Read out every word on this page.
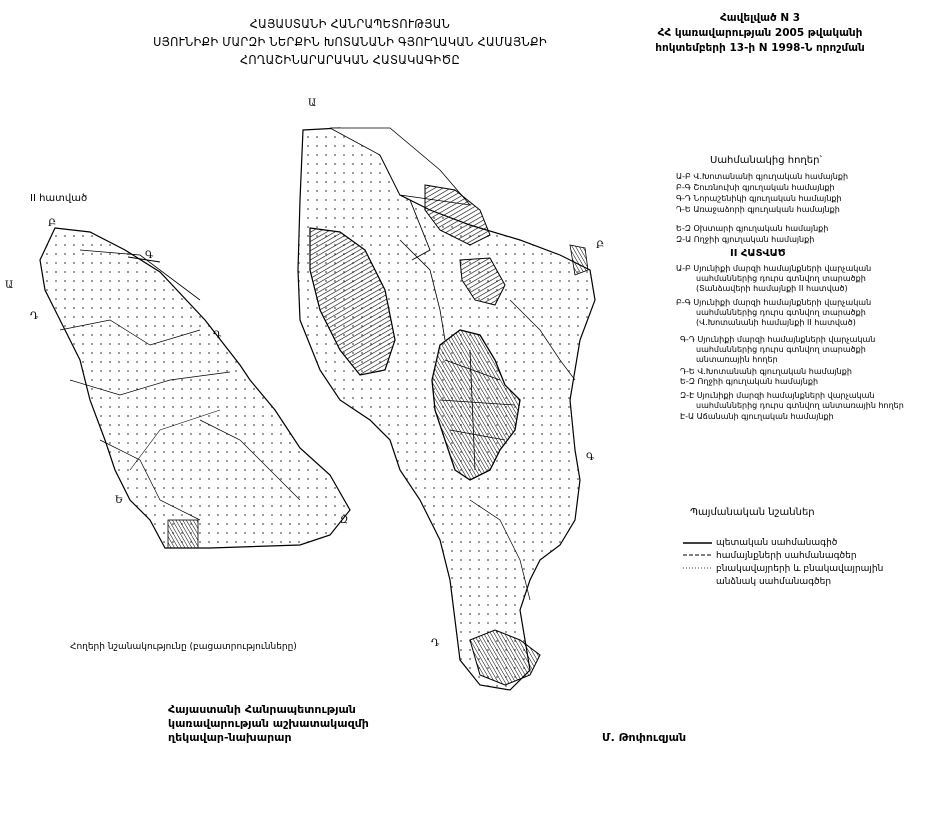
ՀԱՅԱՍՏԱՆԻ ՀԱՆՐԱՊԵՏՈՒԹՅԱՆ
ՍՅՈՒՆԻՔԻ ՄԱՐԶԻ ՆԵՐՔԻՆ ԽՈՏԱՆԱՆԻ ԳՅՈՒՂԱԿԱՆ ՀԱՄԱՅՆՔԻ
ՀՈՂԱՇԻՆԱՐԱՐԱԿԱՆ ՀԱՏԱԿԱԳԻԾԸ
Հավելված N 3
ՀՀ կառավարության 2005 թվականի
հոկտեմբերի 13-ի N 1998-Ն որոշման
II հատված
Բ
Գ
Ա
Դ
Դ
Ե
Զ
Ա
Բ
Գ
Դ
Սահմանակից հողեր՝
Ա-Բ Վ.Խոտանանի գյուղական համայնքի
Բ-Գ Շուռնուխի գյուղական համայնքի
Գ-Դ Նորաշենիկի գյուղական համայնքի
Դ-Ե Առաջաձորի գյուղական համայնքի
Ե-Զ Օխտարի գյուղական համայնքի
Զ-Ա Ողջիի գյուղական համայնքի
II ՀԱՏՎԱԾ
Ա-Բ Սյունիքի մարզի համայնքների վարչական
սահմաններից դուրս գտնվող տարածքի
(Տանձավերի համայնքի II հատված)
Բ-Գ Սյունիքի մարզի համայնքների վարչական
սահմաններից դուրս գտնվող տարածքի
(Վ.Խոտանանի համայնքի II հատված)
Գ-Դ Սյունիքի մարզի համայնքների վարչական
սահմաններից դուրս գտնվող տարածքի
անտառային հողեր
Դ-Ե Վ.Խոտանանի գյուղական համայնքի
Ե-Զ Ողջիի գյուղական համայնքի
Զ-Է Սյունիքի մարզի համայնքների վարչական
սահմաններից դուրս գտնվող անտառային հողեր
Է-Ա Աճանանի գյուղական համայնքի
Պայմանական նշաններ
պետական սահմանագիծ
համայնքների սահմանագծեր
բնակավայրերի և բնակավայրային
անձնակ սահմանագծեր
Հողերի նշանակությունը (բացատրությունները)
Հայաստանի Հանրապետության
կառավարության աշխատակազմի
ղեկավար-նախարար	Մ. Թոփուզյան
